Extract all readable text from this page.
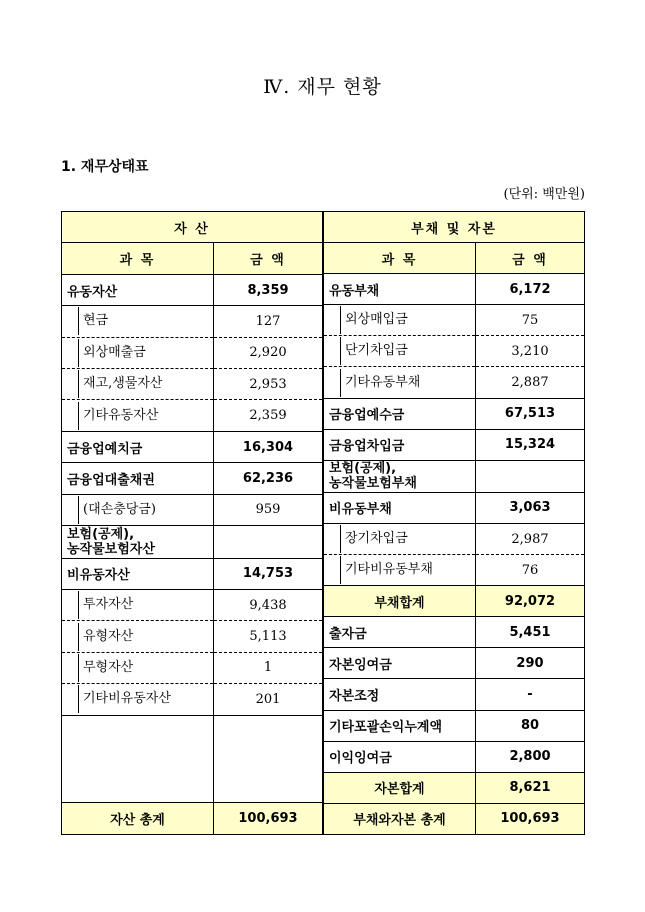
Ⅳ. 재무 현황
1. 재무상태표
(단위: 백만원)
자 산	
과 목	금 액
유동자산	8,359

현금	127

외상매출금	2,920

재고,생물자산	2,953

기타유동자산	2,359
금융업예치금	16,304
금융업대출채권	62,236

(대손충당금)	959

보험(공제),
농작물보험자산	

비유동자산	14,753

투자자산	9,438

유형자산	5,113

무형자산	1

기타비유동자산	201

자산 총계	100,693
부채 및 자본	
과 목	금 액
유동부채	6,172

외상매입금	75

단기차입금	3,210

기타유동부채	2,887
금융업예수금	67,513
금융업차입금	15,324

보험(공제),
농작물보험부채	

비유동부채	3,063

장기차입금	2,987

기타비유동부채	76
부채합계	92,072
출자금	5,451
자본잉여금	290
자본조정	-
기타포괄손익누계액	80
이익잉여금	2,800
자본합계	8,621
부채와자본 총계	100,693
